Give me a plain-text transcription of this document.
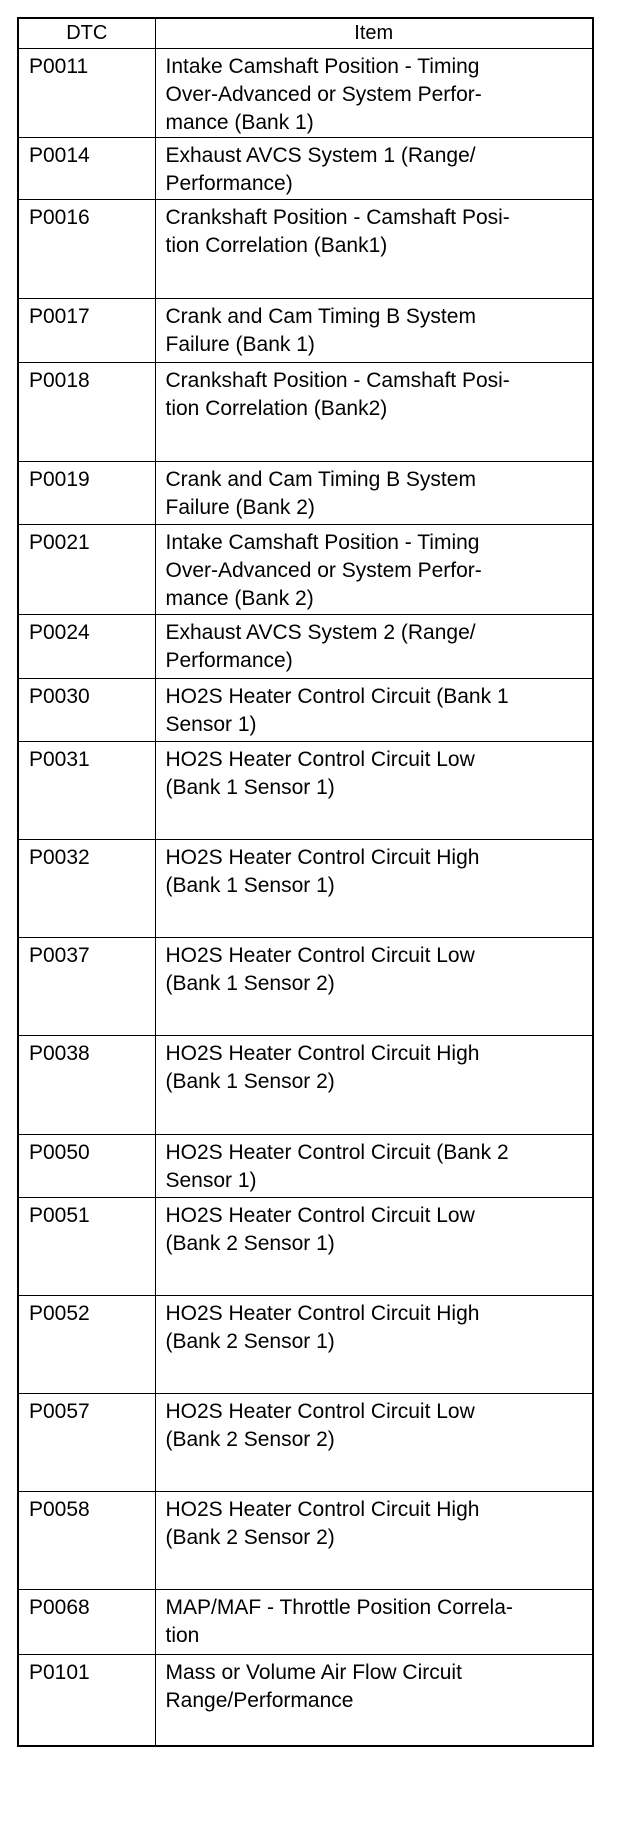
DTC	Item
P0011	Intake Camshaft Position - Timing
Over-Advanced or System Perfor-
mance (Bank 1)
P0014	Exhaust AVCS System 1 (Range/
Performance)
P0016	Crankshaft Position - Camshaft Posi-
tion Correlation (Bank1)
P0017	Crank and Cam Timing B System
Failure (Bank 1)
P0018	Crankshaft Position - Camshaft Posi-
tion Correlation (Bank2)
P0019	Crank and Cam Timing B System
Failure (Bank 2)
P0021	Intake Camshaft Position - Timing
Over-Advanced or System Perfor-
mance (Bank 2)
P0024	Exhaust AVCS System 2 (Range/
Performance)
P0030	HO2S Heater Control Circuit (Bank 1
Sensor 1)
P0031	HO2S Heater Control Circuit Low
(Bank 1 Sensor 1)
P0032	HO2S Heater Control Circuit High
(Bank 1 Sensor 1)
P0037	HO2S Heater Control Circuit Low
(Bank 1 Sensor 2)
P0038	HO2S Heater Control Circuit High
(Bank 1 Sensor 2)
P0050	HO2S Heater Control Circuit (Bank 2
Sensor 1)
P0051	HO2S Heater Control Circuit Low
(Bank 2 Sensor 1)
P0052	HO2S Heater Control Circuit High
(Bank 2 Sensor 1)
P0057	HO2S Heater Control Circuit Low
(Bank 2 Sensor 2)
P0058	HO2S Heater Control Circuit High
(Bank 2 Sensor 2)
P0068	MAP/MAF - Throttle Position Correla-
tion
P0101	Mass or Volume Air Flow Circuit
Range/Performance
